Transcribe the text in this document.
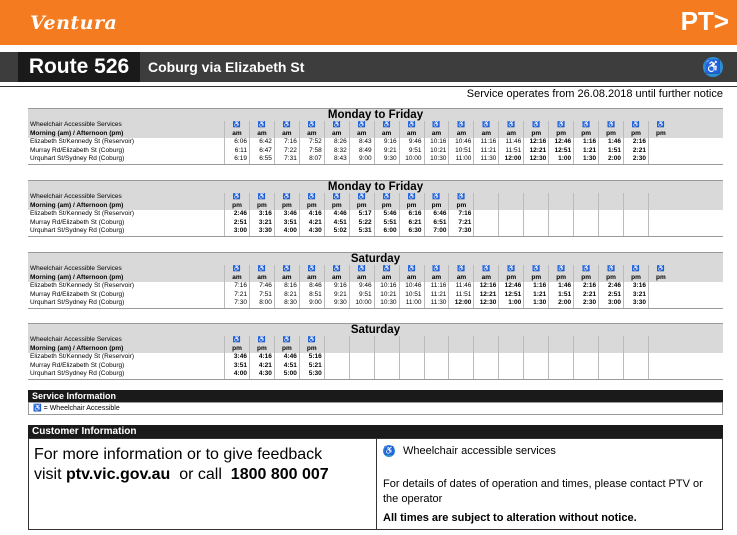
Ventura	PT>
Route 526	Coburg via Elizabeth St	♿
Service operates from 26.08.2018 until further notice
Monday to Friday
Wheelchair Accessible Services	♿	♿	♿	♿	♿	♿	♿	♿	♿	♿	♿	♿	♿	♿	♿	♿	♿	♿
Morning (am) / Afternoon (pm)	am	am	am	am	am	am	am	am	am	am	am	am	pm	pm	pm	pm	pm	pm
Elizabeth St/Kennedy St (Reservoir)	6:06	6:42	7:16	7:52	8:26	8:43	9:16	9:46	10:16	10:46	11:16	11:46	12:16	12:46	1:16	1:46	2:16
Murray Rd/Elizabeth St (Coburg)	6:11	6:47	7:22	7:58	8:32	8:49	9:21	9:51	10:21	10:51	11:21	11:51	12:21	12:51	1:21	1:51	2:21
Urquhart St/Sydney Rd (Coburg)	6:19	6:55	7:31	8:07	8:43	9:00	9:30	10:00	10:30	11:00	11:30	12:00	12:30	1:00	1:30	2:00	2:30
Monday to Friday
Wheelchair Accessible Services	♿	♿	♿	♿	♿	♿	♿	♿	♿	♿
Morning (am) / Afternoon (pm)	pm	pm	pm	pm	pm	pm	pm	pm	pm	pm
Elizabeth St/Kennedy St (Reservoir)	2:46	3:16	3:46	4:16	4:46	5:17	5:46	6:16	6:46	7:16
Murray Rd/Elizabeth St (Coburg)	2:51	3:21	3:51	4:21	4:51	5:22	5:51	6:21	6:51	7:21
Urquhart St/Sydney Rd (Coburg)	3:00	3:30	4:00	4:30	5:02	5:31	6:00	6:30	7:00	7:30
Saturday
Wheelchair Accessible Services	♿	♿	♿	♿	♿	♿	♿	♿	♿	♿	♿	♿	♿	♿	♿	♿	♿	♿
Morning (am) / Afternoon (pm)	am	am	am	am	am	am	am	am	am	am	am	pm	pm	pm	pm	pm	pm	pm
Elizabeth St/Kennedy St (Reservoir)	7:16	7:46	8:16	8:46	9:16	9:46	10:16	10:46	11:16	11:46	12:16	12:46	1:16	1:46	2:16	2:46	3:16
Murray Rd/Elizabeth St (Coburg)	7:21	7:51	8:21	8:51	9:21	9:51	10:21	10:51	11:21	11:51	12:21	12:51	1:21	1:51	2:21	2:51	3:21
Urquhart St/Sydney Rd (Coburg)	7:30	8:00	8:30	9:00	9:30	10:00	10:30	11:00	11:30	12:00	12:30	1:00	1:30	2:00	2:30	3:00	3:30
Saturday
Wheelchair Accessible Services	♿	♿	♿	♿
Morning (am) / Afternoon (pm)	pm	pm	pm	pm
Elizabeth St/Kennedy St (Reservoir)	3:46	4:16	4:46	5:16
Murray Rd/Elizabeth St (Coburg)	3:51	4:21	4:51	5:21
Urquhart St/Sydney Rd (Coburg)	4:00	4:30	5:00	5:30
Service Information
♿ = Wheelchair Accessible
Customer Information
For more information or to give feedback
visit ptv.vic.gov.au  or call  1800 800 007
♿ Wheelchair accessible services
For details of dates of operation and times, please contact PTV or the operator
All times are subject to alteration without notice.
